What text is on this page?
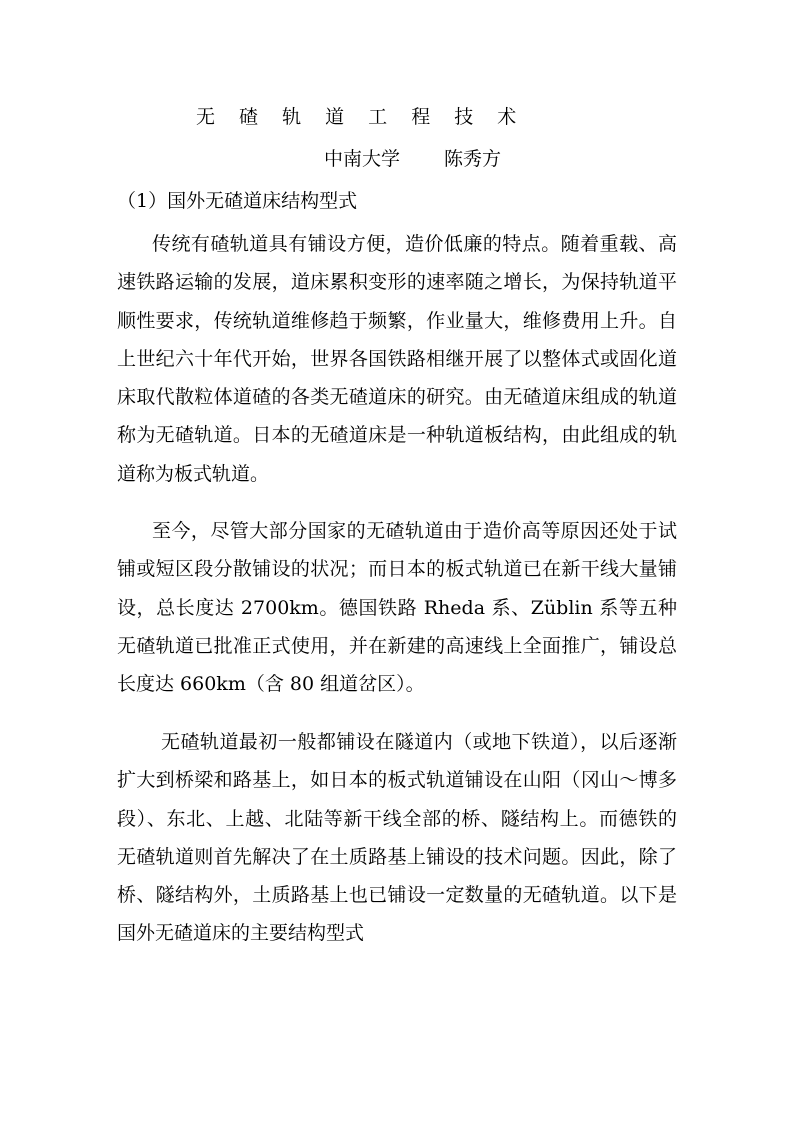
无 碴 轨 道 工 程 技 术
中南大学 陈秀方
（1）国外无碴道床结构型式

传统有碴轨道具有铺设方便，造价低廉的特点。随着重载、高速铁路运输的发展，道床累积变形的速率随之增长，为保持轨道平顺性要求，传统轨道维修趋于频繁，作业量大，维修费用上升。自上世纪六十年代开始，世界各国铁路相继开展了以整体式或固化道床取代散粒体道碴的各类无碴道床的研究。由无碴道床组成的轨道称为无碴轨道。日本的无碴道床是一种轨道板结构，由此组成的轨道称为板式轨道。

至今，尽管大部分国家的无碴轨道由于造价高等原因还处于试铺或短区段分散铺设的状况；而日本的板式轨道已在新干线大量铺设，总长度达 2700km。德国铁路 Rheda 系、Züblin 系等五种无碴轨道已批准正式使用，并在新建的高速线上全面推广，铺设总长度达 660km（含 80 组道岔区）。

无碴轨道最初一般都铺设在隧道内（或地下铁道），以后逐渐扩大到桥梁和路基上，如日本的板式轨道铺设在山阳（冈山～博多段）、东北、上越、北陆等新干线全部的桥、隧结构上。而德铁的无碴轨道则首先解决了在土质路基上铺设的技术问题。因此，除了桥、隧结构外，土质路基上也已铺设一定数量的无碴轨道。以下是国外无碴道床的主要结构型式
